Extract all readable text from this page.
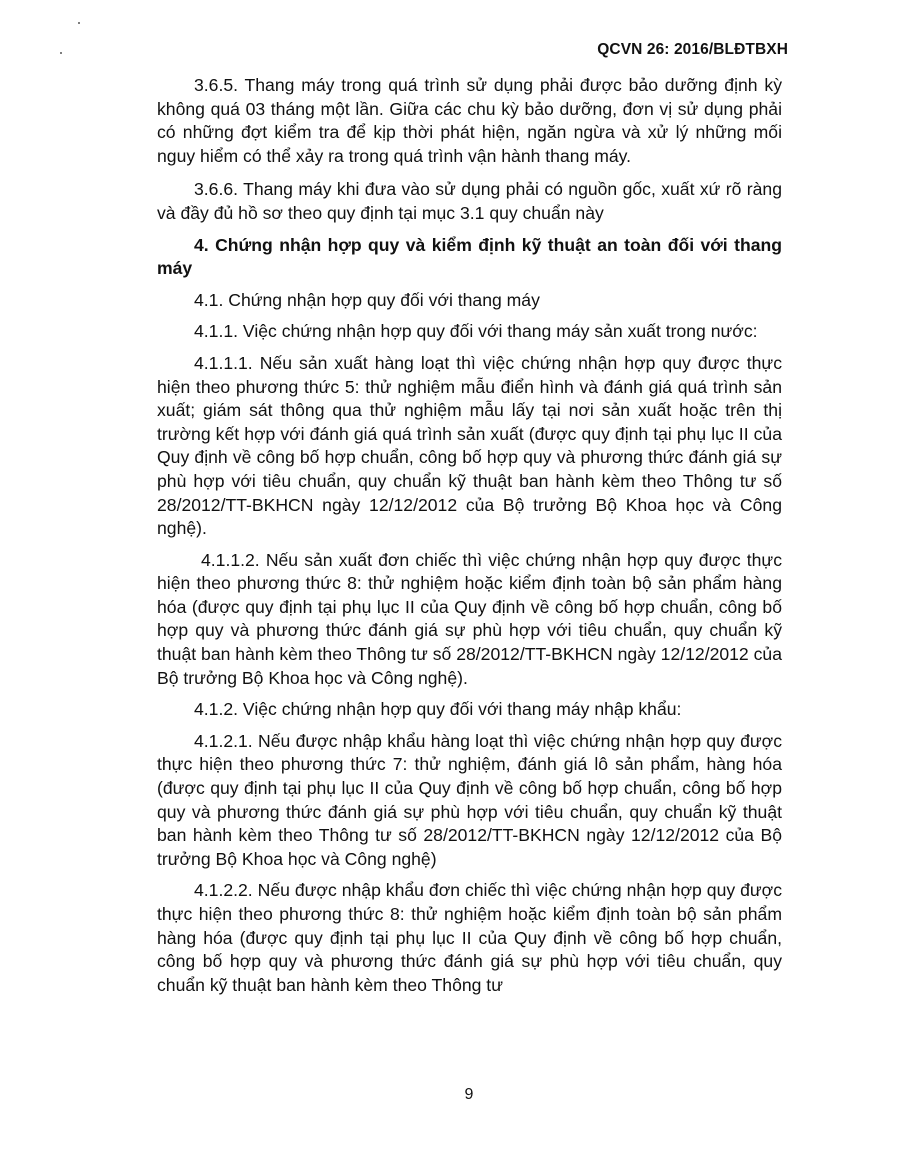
QCVN 26: 2016/BLĐTBXH

3.6.5. Thang máy trong quá trình sử dụng phải được bảo dưỡng định kỳ không quá 03 tháng một lần. Giữa các chu kỳ bảo dưỡng, đơn vị sử dụng phải có những đợt kiểm tra để kịp thời phát hiện, ngăn ngừa và xử lý những mối nguy hiểm có thể xảy ra trong quá trình vận hành thang máy.

3.6.6. Thang máy khi đưa vào sử dụng phải có nguồn gốc, xuất xứ rõ ràng và đầy đủ hồ sơ theo quy định tại mục 3.1 quy chuẩn này

4. Chứng nhận hợp quy và kiểm định kỹ thuật an toàn đối với thang máy

4.1. Chứng nhận hợp quy đối với thang máy

4.1.1. Việc chứng nhận hợp quy đối với thang máy sản xuất trong nước:

4.1.1.1. Nếu sản xuất hàng loạt thì việc chứng nhận hợp quy được thực hiện theo phương thức 5: thử nghiệm mẫu điển hình và đánh giá quá trình sản xuất; giám sát thông qua thử nghiệm mẫu lấy tại nơi sản xuất hoặc trên thị trường kết hợp với đánh giá quá trình sản xuất (được quy định tại phụ lục II của Quy định về công bố hợp chuẩn, công bố hợp quy và phương thức đánh giá sự phù hợp với tiêu chuẩn, quy chuẩn kỹ thuật ban hành kèm theo Thông tư số 28/2012/TT-BKHCN ngày 12/12/2012 của Bộ trưởng Bộ Khoa học và Công nghệ).

4.1.1.2. Nếu sản xuất đơn chiếc thì việc chứng nhận hợp quy được thực hiện theo phương thức 8: thử nghiệm hoặc kiểm định toàn bộ sản phẩm hàng hóa (được quy định tại phụ lục II của Quy định về công bố hợp chuẩn, công bố hợp quy và phương thức đánh giá sự phù hợp với tiêu chuẩn, quy chuẩn kỹ thuật ban hành kèm theo Thông tư số 28/2012/TT-BKHCN ngày 12/12/2012 của Bộ trưởng Bộ Khoa học và Công nghệ).

4.1.2. Việc chứng nhận hợp quy đối với thang máy nhập khẩu:

4.1.2.1. Nếu được nhập khẩu hàng loạt thì việc chứng nhận hợp quy được thực hiện theo phương thức 7: thử nghiệm, đánh giá lô sản phẩm, hàng hóa (được quy định tại phụ lục II của Quy định về công bố hợp chuẩn, công bố hợp quy và phương thức đánh giá sự phù hợp với tiêu chuẩn, quy chuẩn kỹ thuật ban hành kèm theo Thông tư số 28/2012/TT-BKHCN ngày 12/12/2012 của Bộ trưởng Bộ Khoa học và Công nghệ)

4.1.2.2. Nếu được nhập khẩu đơn chiếc thì việc chứng nhận hợp quy được thực hiện theo phương thức 8: thử nghiệm hoặc kiểm định toàn bộ sản phẩm hàng hóa (được quy định tại phụ lục II của Quy định về công bố hợp chuẩn, công bố hợp quy và phương thức đánh giá sự phù hợp với tiêu chuẩn, quy chuẩn kỹ thuật ban hành kèm theo Thông tư

9
